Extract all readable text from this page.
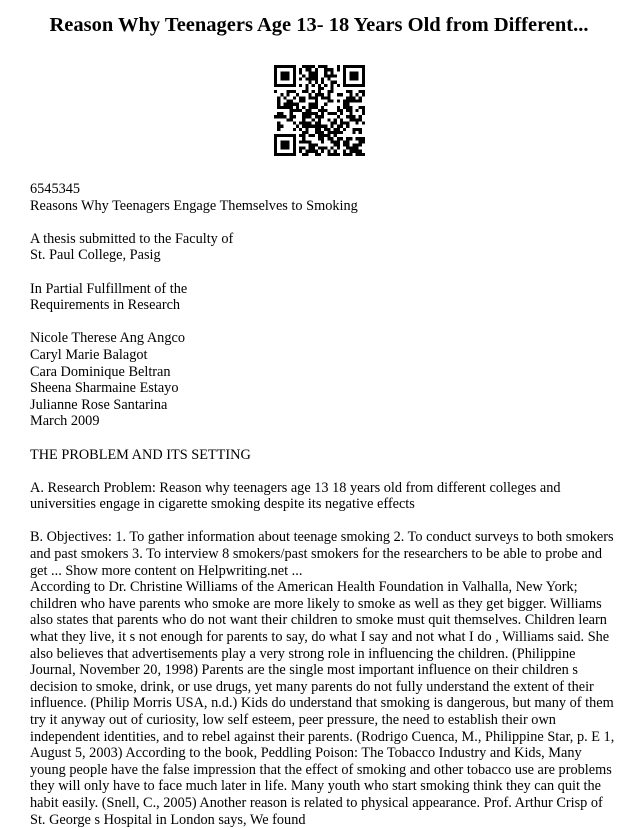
Reason Why Teenagers Age 13- 18 Years Old from Different...
6545345
Reasons Why Teenagers Engage Themselves to Smoking
A thesis submitted to the Faculty of
St. Paul College, Pasig
In Partial Fulfillment of the
Requirements in Research
Nicole Therese Ang Angco
Caryl Marie Balagot
Cara Dominique Beltran
Sheena Sharmaine Estayo
Julianne Rose Santarina
March 2009
THE PROBLEM AND ITS SETTING
A. Research Problem: Reason why teenagers age 13 18 years old from different colleges and
universities engage in cigarette smoking despite its negative effects
B. Objectives: 1. To gather information about teenage smoking 2. To conduct surveys to both smokers
and past smokers 3. To interview 8 smokers/past smokers for the researchers to be able to probe and
get ... Show more content on Helpwriting.net ...
According to Dr. Christine Williams of the American Health Foundation in Valhalla, New York;
children who have parents who smoke are more likely to smoke as well as they get bigger. Williams
also states that parents who do not want their children to smoke must quit themselves. Children learn
what they live, it s not enough for parents to say, do what I say and not what I do , Williams said. She
also believes that advertisements play a very strong role in influencing the children. (Philippine
Journal, November 20, 1998) Parents are the single most important influence on their children s
decision to smoke, drink, or use drugs, yet many parents do not fully understand the extent of their
influence. (Philip Morris USA, n.d.) Kids do understand that smoking is dangerous, but many of them
try it anyway out of curiosity, low self esteem, peer pressure, the need to establish their own
independent identities, and to rebel against their parents. (Rodrigo Cuenca, M., Philippine Star, p. E 1,
August 5, 2003) According to the book, Peddling Poison: The Tobacco Industry and Kids, Many
young people have the false impression that the effect of smoking and other tobacco use are problems
they will only have to face much later in life. Many youth who start smoking think they can quit the
habit easily. (Snell, C., 2005) Another reason is related to physical appearance. Prof. Arthur Crisp of
St. George s Hospital in London says, We found
